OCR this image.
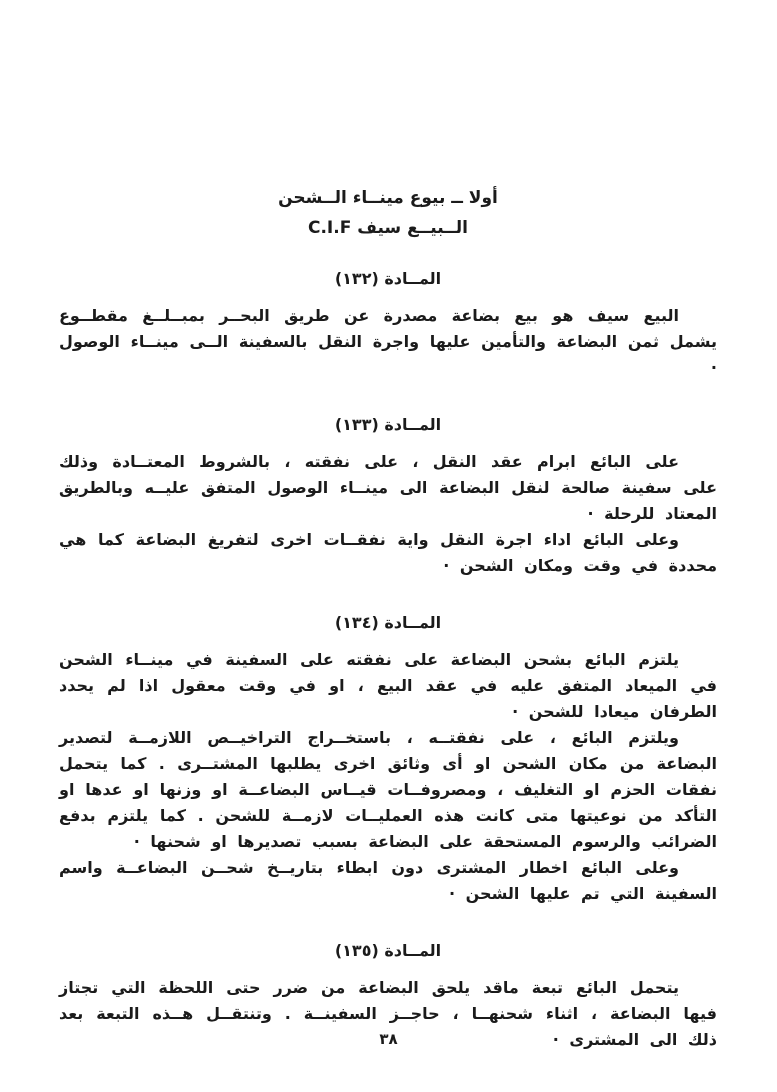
أولا ــ بيوع مينــاء الــشحن
الــبيــع سيف C.I.F
المــادة (١٣٢)

البيع سيف هو بيع بضاعة مصدرة عن طريق البحــر بمبــلــغ مقطــوع يشمل ثمن البضاعة والتأمين عليها واجرة النقل بالسفينة الــى مينــاء الوصول ·

المــادة (١٣٣)

على البائع ابرام عقد النقل ، على نفقته ، بالشروط المعتــادة وذلك على سفينة صالحة لنقل البضاعة الى مينــاء الوصول المتفق عليــه وبالطريق المعتاد للرحلة ·

وعلى البائع اداء اجرة النقل واية نفقــات اخرى لتفريغ البضاعة كما هي محددة في وقت ومكان الشحن ·

المــادة (١٣٤)

يلتزم البائع بشحن البضاعة على نفقته على السفينة في مينــاء الشحن في الميعاد المتفق عليه في عقد البيع ، او في وقت معقول اذا لم يحدد الطرفان ميعادا للشحن ·

ويلتزم البائع ، على نفقتــه ، باستخــراج التراخيــص اللازمــة لتصدير البضاعة من مكان الشحن او أى وثائق اخرى يطلبها المشتــرى . كما يتحمل نفقات الحزم او التغليف ، ومصروفــات قيــاس البضاعــة او وزنها او عدها او التأكد من نوعيتها متى كانت هذه العمليــات لازمــة للشحن . كما يلتزم بدفع الضرائب والرسوم المستحقة على البضاعة بسبب تصديرها او شحنها ·

وعلى البائع اخطار المشترى دون ابطاء بتاريــخ شحــن البضاعــة واسم السفينة التي تم عليها الشحن ·

المــادة (١٣٥)

يتحمل البائع تبعة ماقد يلحق البضاعة من ضرر حتى اللحظة التي تجتاز فيها البضاعة ، اثناء شحنهــا ، حاجــز السفينــة . وتنتقــل هــذه التبعة بعد ذلك الى المشترى ·

٣٨
